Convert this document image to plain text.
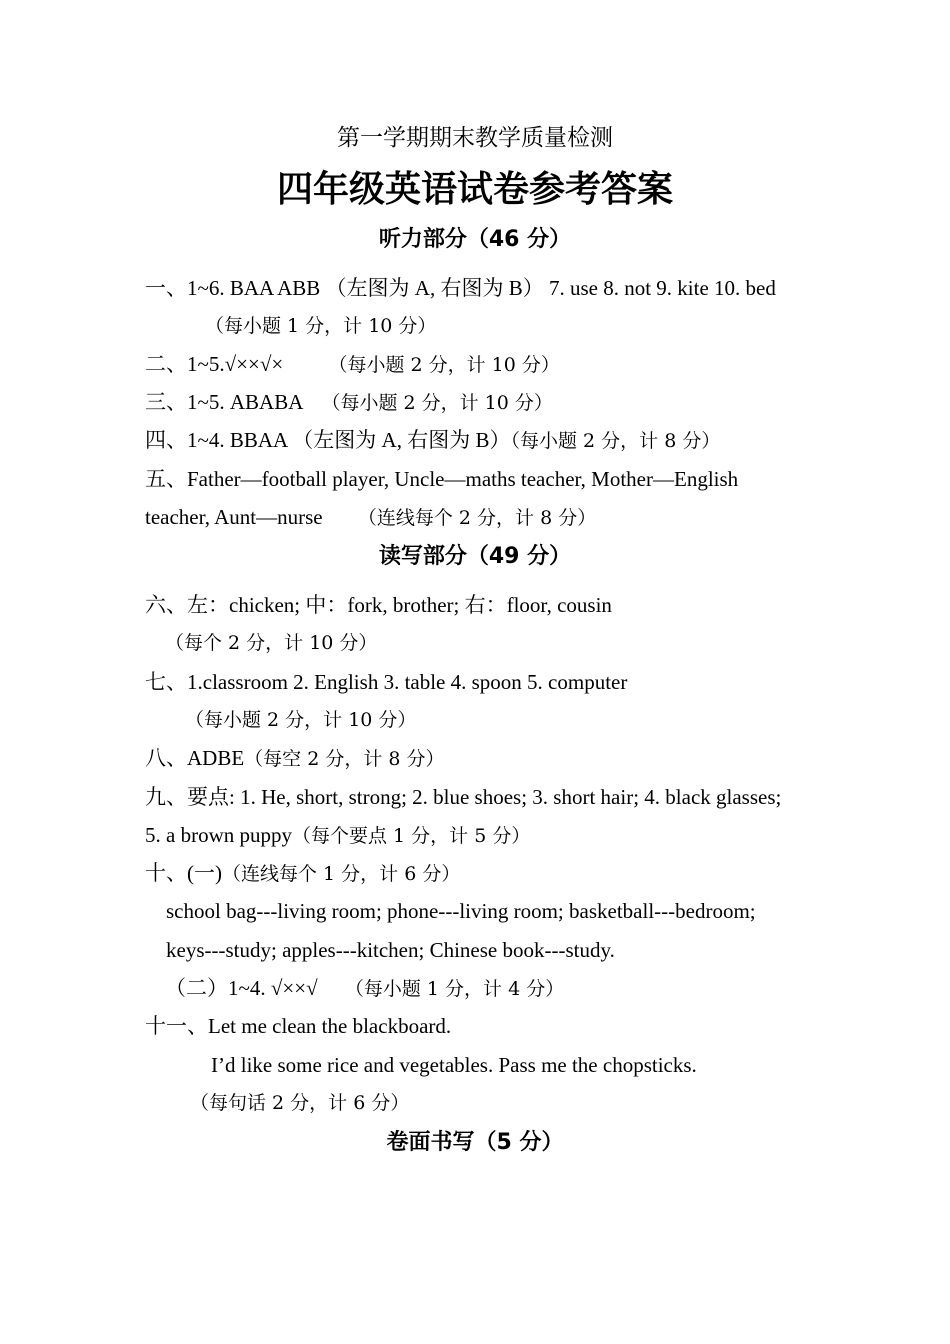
第一学期期末教学质量检测
四年级英语试卷参考答案
听力部分（46 分）
一、1~6. BAA ABB （左图为 A, 右图为 B） 7. use 8. not 9. kite 10. bed
（每小题 1 分，计 10 分）
二、1~5.√××√× （每小题 2 分，计 10 分）
三、1~5. ABABA （每小题 2 分，计 10 分）
四、1~4. BBAA （左图为 A, 右图为 B）（每小题 2 分，计 8 分）
五、Father—football player, Uncle—maths teacher, Mother—English
teacher, Aunt—nurse （连线每个 2 分，计 8 分）
读写部分（49 分）
六、左：chicken; 中：fork, brother; 右：floor, cousin
（每个 2 分，计 10 分）
七、1.classroom 2. English 3. table 4. spoon 5. computer
（每小题 2 分，计 10 分）
八、ADBE（每空 2 分，计 8 分）
九、要点: 1. He, short, strong; 2. blue shoes; 3. short hair; 4. black glasses;
5. a brown puppy（每个要点 1 分，计 5 分）
十、(一)（连线每个 1 分，计 6 分）
school bag---living room; phone---living room; basketball---bedroom;
keys---study; apples---kitchen; Chinese book---study.
（二）1~4. √××√ （每小题 1 分，计 4 分）
十一、Let me clean the blackboard.
I’d like some rice and vegetables. Pass me the chopsticks.
（每句话 2 分，计 6 分）
卷面书写（5 分）
